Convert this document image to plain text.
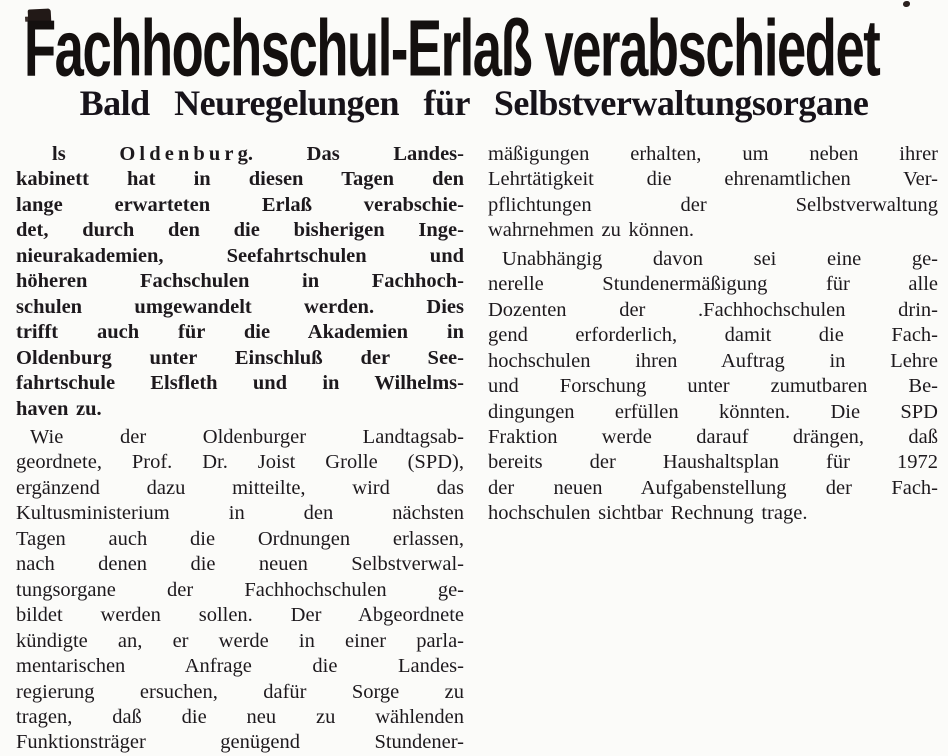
Fachhochschul-Erlaß verabschiedet
Bald Neuregelungen für Selbstverwaltungsorgane
ls O l d e n b u r g. Das Landes-
kabinett hat in diesen Tagen den
lange erwarteten Erlaß verabschie-
det, durch den die bisherigen Inge-
nieurakademien, Seefahrtschulen und
höheren Fachschulen in Fachhoch-
schulen umgewandelt werden. Dies
trifft auch für die Akademien in
Oldenburg unter Einschluß der See-
fahrtschule Elsfleth und in Wilhelms-
haven zu.
Wie der Oldenburger Landtagsab-
geordnete, Prof. Dr. Joist Grolle (SPD),
ergänzend dazu mitteilte, wird das
Kultusministerium in den nächsten
Tagen auch die Ordnungen erlassen,
nach denen die neuen Selbstverwal-
tungsorgane der Fachhochschulen ge-
bildet werden sollen. Der Abgeordnete
kündigte an, er werde in einer parla-
mentarischen Anfrage die Landes-
regierung ersuchen, dafür Sorge zu
tragen, daß die neu zu wählenden
Funktionsträger genügend Stundener-
mäßigungen erhalten, um neben ihrer
Lehrtätigkeit die ehrenamtlichen Ver-
pflichtungen der Selbstverwaltung
wahrnehmen zu können.
Unabhängig davon sei eine ge-
nerelle Stundenermäßigung für alle
Dozenten der .Fachhochschulen drin-
gend erforderlich, damit die Fach-
hochschulen ihren Auftrag in Lehre
und Forschung unter zumutbaren Be-
dingungen erfüllen könnten. Die SPD
Fraktion werde darauf drängen, daß
bereits der Haushaltsplan für 1972
der neuen Aufgabenstellung der Fach-
hochschulen sichtbar Rechnung trage.
